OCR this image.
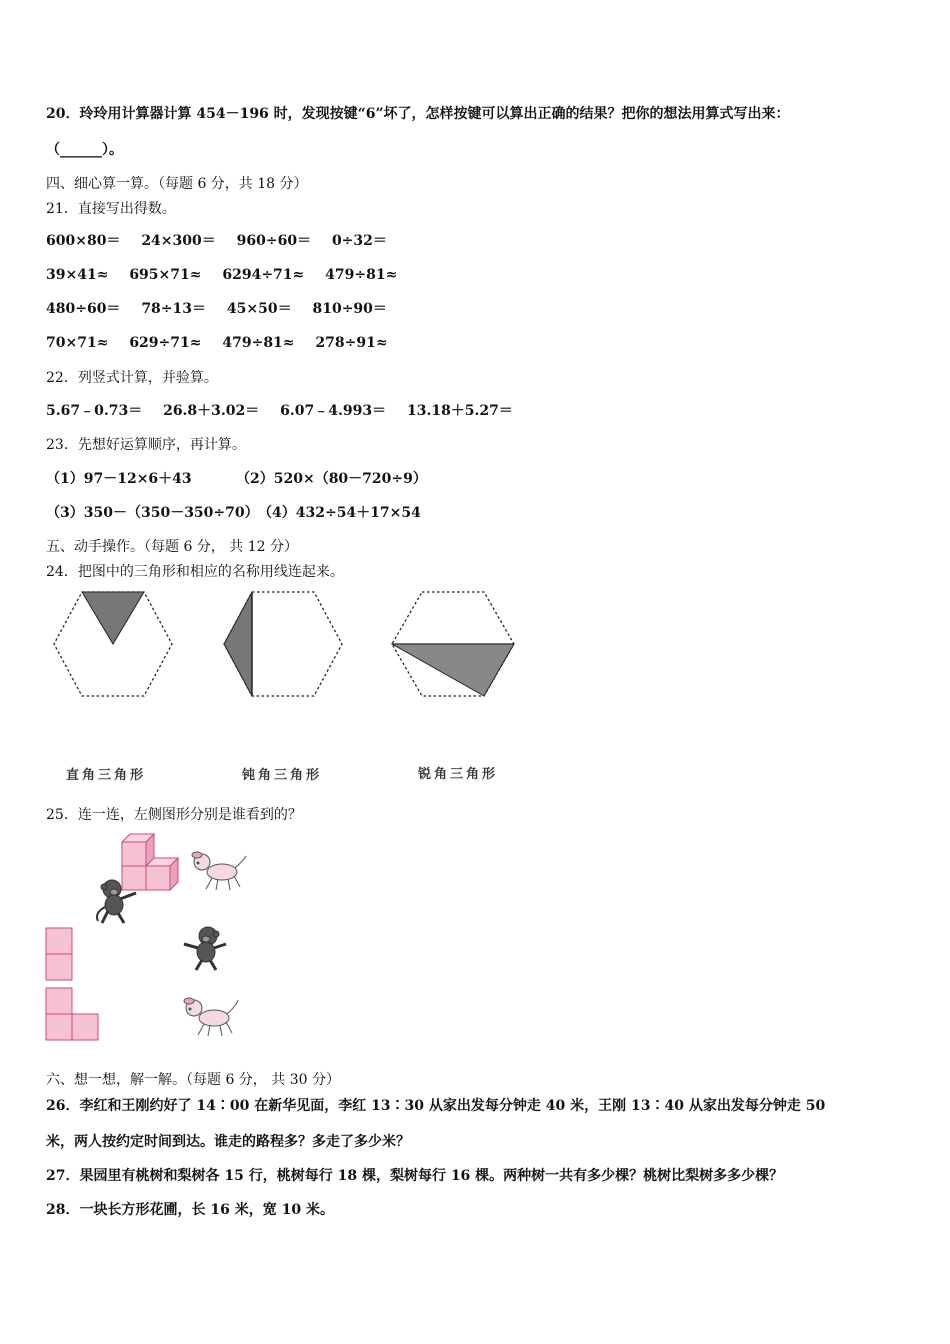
20．玲玲用计算器计算 454－196 时，发现按键“6”坏了，怎样按键可以算出正确的结果？把你的想法用算式写出来：
（______）。
四、细心算一算。（每题 6 分，共 18 分）
21．直接写出得数。
600×80＝ 24×300＝ 960÷60＝ 0÷32＝
39×41≈ 695×71≈ 6294÷71≈ 479÷81≈
480÷60＝ 78÷13＝ 45×50＝ 810÷90＝
70×71≈ 629÷71≈ 479÷81≈ 278÷91≈
22．列竖式计算，并验算。
5.67﹣0.73＝ 26.8＋3.02＝ 6.07﹣4.993＝ 13.18＋5.27＝
23．先想好运算顺序，再计算。
（1）97－12×6＋43	（2）520×（80－720÷9）
（3）350－（350－350÷70）（4）432÷54＋17×54
五、动手操作。（每题 6 分， 共 12 分）
24．把图中的三角形和相应的名称用线连起来。
直角三角形	钝角三角形	锐角三角形
25．连一连，左侧图形分别是谁看到的？
六、想一想，解一解。（每题 6 分， 共 30 分）
26．李红和王刚约好了 14∶00 在新华见面，李红 13∶30 从家出发每分钟走 40 米，王刚 13∶40 从家出发每分钟走 50
米，两人按约定时间到达。谁走的路程多？多走了多少米？
27．果园里有桃树和梨树各 15 行，桃树每行 18 棵，梨树每行 16 棵。两种树一共有多少棵？桃树比梨树多多少棵？
28．一块长方形花圃，长 16 米，宽 10 米。
